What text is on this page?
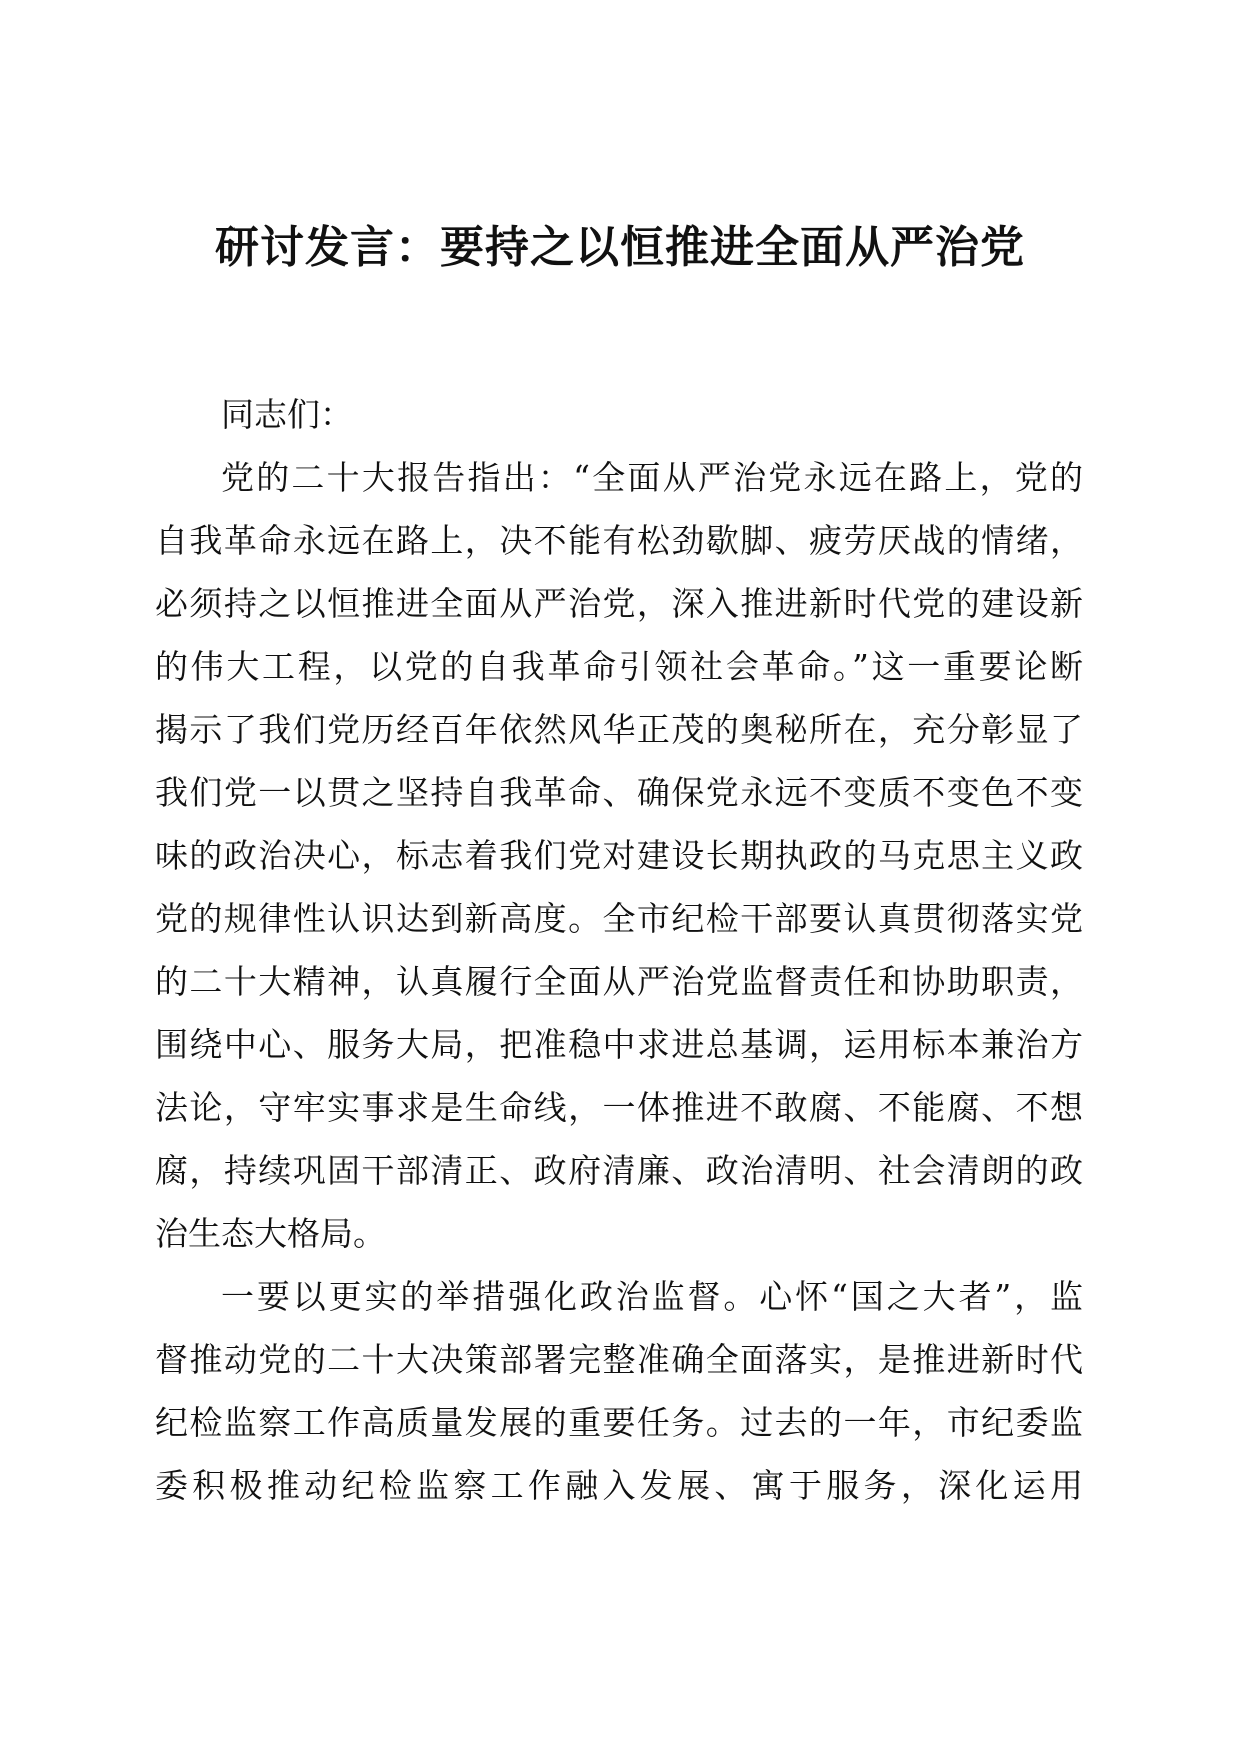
研讨发言：要持之以恒推进全面从严治党
同志们：
党的二十大报告指出：“全面从严治党永远在路上，党的
自我革命永远在路上，决不能有松劲歇脚、疲劳厌战的情绪，
必须持之以恒推进全面从严治党，深入推进新时代党的建设新
的伟大工程，以党的自我革命引领社会革命。”这一重要论断
揭示了我们党历经百年依然风华正茂的奥秘所在，充分彰显了
我们党一以贯之坚持自我革命、确保党永远不变质不变色不变
味的政治决心，标志着我们党对建设长期执政的马克思主义政
党的规律性认识达到新高度。全市纪检干部要认真贯彻落实党
的二十大精神，认真履行全面从严治党监督责任和协助职责，
围绕中心、服务大局，把准稳中求进总基调，运用标本兼治方
法论，守牢实事求是生命线，一体推进不敢腐、不能腐、不想
腐，持续巩固干部清正、政府清廉、政治清明、社会清朗的政
治生态大格局。
一要以更实的举措强化政治监督。心怀“国之大者”，监
督推动党的二十大决策部署完整准确全面落实，是推进新时代
纪检监察工作高质量发展的重要任务。过去的一年，市纪委监
委积极推动纪检监察工作融入发展、寓于服务，深化运用
